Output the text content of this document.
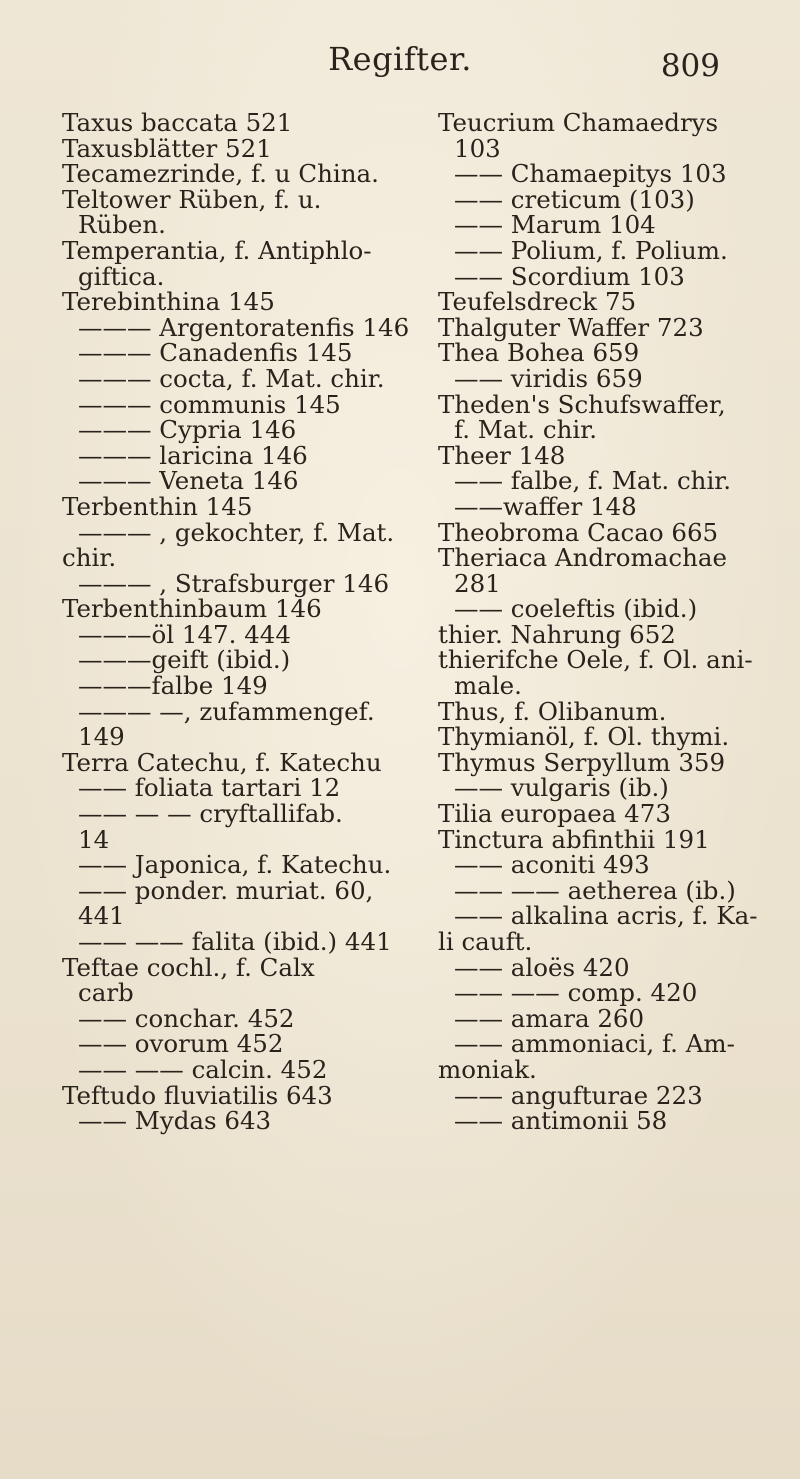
Regifter.	809
Taxus baccata 521
Taxusblätter 521
Tecamezrinde, f. u China.
Teltower Rüben, f. u.
Rüben.
Temperantia, f. Antiphlo-
giftica.
Terebinthina 145
——— Argentoratenfis 146
——— Canadenfis 145
——— cocta, f. Mat. chir.
——— communis 145
——— Cypria 146
——— laricina 146
——— Veneta 146
Terbenthin 145
——— , gekochter, f. Mat.
chir.
——— , Strafsburger 146
Terbenthinbaum 146
———öl 147. 444
———geift (ibid.)
———falbe 149
——— —, zufammengef.
149
Terra Catechu, f. Katechu
—— foliata tartari 12
—— — — cryftallifab.
14
—— Japonica, f. Katechu.
—— ponder. muriat. 60,
441
—— —— falita (ibid.) 441
Teftae cochl., f. Calx
carb
—— conchar. 452
—— ovorum 452
—— —— calcin. 452
Teftudo fluviatilis 643
—— Mydas 643
Teucrium Chamaedrys
103
—— Chamaepitys 103
—— creticum (103)
—— Marum 104
—— Polium, f. Polium.
—— Scordium 103
Teufelsdreck 75
Thalguter Waffer 723
Thea Bohea 659
—— viridis 659
Theden's Schufswaffer,
f. Mat. chir.
Theer 148
—— falbe, f. Mat. chir.
——waffer 148
Theobroma Cacao 665
Theriaca Andromachae
281
—— coeleftis (ibid.)
thier. Nahrung 652
thierifche Oele, f. Ol. ani-
male.
Thus, f. Olibanum.
Thymianöl, f. Ol. thymi.
Thymus Serpyllum 359
—— vulgaris (ib.)
Tilia europaea 473
Tinctura abfinthii 191
—— aconiti 493
—— —— aetherea (ib.)
—— alkalina acris, f. Ka-
li cauft.
—— aloës 420
—— —— comp. 420
—— amara 260
—— ammoniaci, f. Am-
moniak.
—— angufturae 223
—— antimonii 58
